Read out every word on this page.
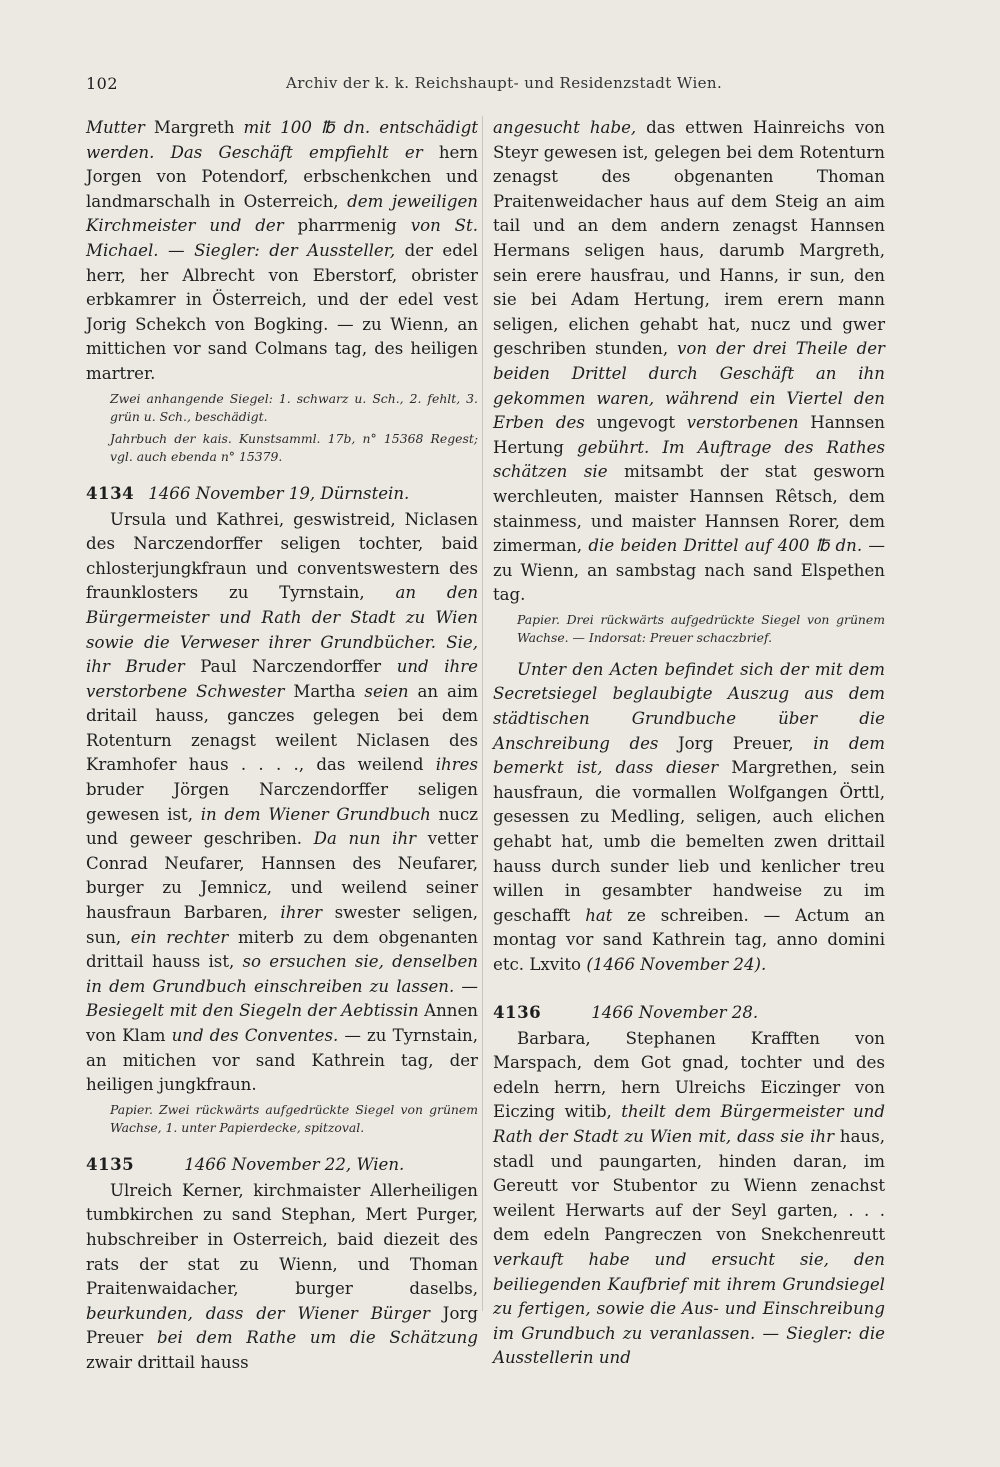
102	Archiv der k. k. Reichshaupt- und Residenzstadt Wien.

Mutter Margreth mit 100 ℔ dn. entschädigt werden. Das Geschäft empfiehlt er hern Jorgen von Potendorf, erbschenkchen und landmarschalh in Osterreich, dem jeweiligen Kirchmeister und der pharrmenig von St. Michael. — Siegler: der Aussteller, der edel herr, her Albrecht von Eberstorf, obrister erbkamrer in Österreich, und der edel vest Jorig Schekch von Bogking. — zu Wienn, an mittichen vor sand Colmans tag, des heiligen martrer.

Zwei anhangende Siegel: 1. schwarz u. Sch., 2. fehlt, 3. grün u. Sch., beschädigt.
Jahrbuch der kais. Kunstsamml. 17b, n° 15368 Regest; vgl. auch ebenda n° 15379.
4134 1466 November 19, Dürnstein.

Ursula und Kathrei, geswistreid, Niclasen des Narczendorffer seligen tochter, baid chlosterjungkfraun und conventswestern des fraunklosters zu Tyrnstain, an den Bürgermeister und Rath der Stadt zu Wien sowie die Verweser ihrer Grundbücher. Sie, ihr Bruder Paul Narczendorffer und ihre verstorbene Schwester Martha seien an aim dritail hauss, ganczes gelegen bei dem Rotenturn zenagst weilent Niclasen des Kramhofer haus . . . ., das weilend ihres bruder Jörgen Narczendorffer seligen gewesen ist, in dem Wiener Grundbuch nucz und geweer geschriben. Da nun ihr vetter Conrad Neufarer, Hannsen des Neufarer, burger zu Jemnicz, und weilend seiner hausfraun Barbaren, ihrer swester seligen, sun, ein rechter miterb zu dem obgenanten drittail hauss ist, so ersuchen sie, denselben in dem Grundbuch einschreiben zu lassen. — Besiegelt mit den Siegeln der Aebtissin Annen von Klam und des Conventes. — zu Tyrnstain, an mitichen vor sand Kathrein tag, der heiligen jungkfraun.

Papier. Zwei rückwärts aufgedrückte Siegel von grünem Wachse, 1. unter Papierdecke, spitzoval.
4135	1466 November 22, Wien.

Ulreich Kerner, kirchmaister Allerheiligen tumbkirchen zu sand Stephan, Mert Purger, hubschreiber in Osterreich, baid diezeit des rats der stat zu Wienn, und Thoman Praitenwaidacher, burger daselbs, beurkunden, dass der Wiener Bürger Jorg Preuer bei dem Rathe um die Schätzung zwair drittail hauss

angesucht habe, das ettwen Hainreichs von Steyr gewesen ist, gelegen bei dem Rotenturn zenagst des obgenanten Thoman Praitenweidacher haus auf dem Steig an aim tail und an dem andern zenagst Hannsen Hermans seligen haus, darumb Margreth, sein erere hausfrau, und Hanns, ir sun, den sie bei Adam Hertung, irem erern mann seligen, elichen gehabt hat, nucz und gwer geschriben stunden, von der drei Theile der beiden Drittel durch Geschäft an ihn gekommen waren, während ein Viertel den Erben des ungevogt verstorbenen Hannsen Hertung gebührt. Im Auftrage des Rathes schätzen sie mitsambt der stat gesworn werchleuten, maister Hannsen Rêtsch, dem stainmess, und maister Hannsen Rorer, dem zimerman, die beiden Drittel auf 400 ℔ dn. — zu Wienn, an sambstag nach sand Elspethen tag.

Papier. Drei rückwärts aufgedrückte Siegel von grünem Wachse. — Indorsat: Preuer schaczbrief.

Unter den Acten befindet sich der mit dem Secretsiegel beglaubigte Auszug aus dem städtischen Grundbuche über die Anschreibung des Jorg Preuer, in dem bemerkt ist, dass dieser Margrethen, sein hausfraun, die vormallen Wolfgangen Örttl, gesessen zu Medling, seligen, auch elichen gehabt hat, umb die bemelten zwen drittail hauss durch sunder lieb und kenlicher treu willen in gesambter handweise zu im geschafft hat ze schreiben. — Actum an montag vor sand Kathrein tag, anno domini etc. Lxvito (1466 November 24).

4136	1466 November 28.

Barbara, Stephanen Krafften von Marspach, dem Got gnad, tochter und des edeln herrn, hern Ulreichs Eiczinger von Eiczing witib, theilt dem Bürgermeister und Rath der Stadt zu Wien mit, dass sie ihr haus, stadl und paungarten, hinden daran, im Gereutt vor Stubentor zu Wienn zenachst weilent Herwarts auf der Seyl garten, . . . dem edeln Pangreczen von Snekchenreutt verkauft habe und ersucht sie, den beiliegenden Kaufbrief mit ihrem Grundsiegel zu fertigen, sowie die Aus- und Einschreibung im Grundbuch zu veranlassen. — Siegler: die Ausstellerin und
